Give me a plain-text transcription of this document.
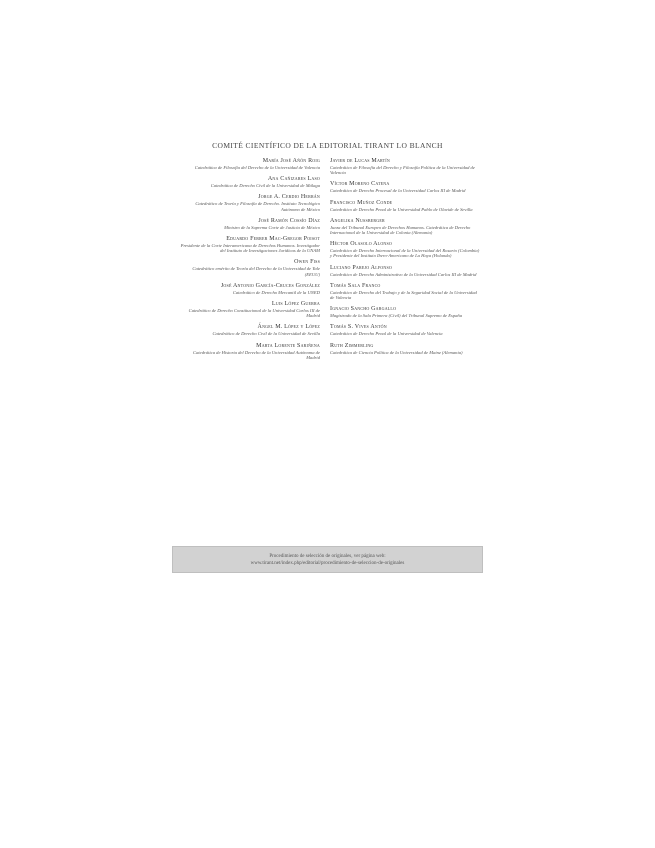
COMITÉ CIENTÍFICO DE LA EDITORIAL TIRANT LO BLANCH
María José Añón Roig
Catedrática de Filosofía del Derecho de la Universidad de Valencia
Ana Cañizares Laso
Catedrática de Derecho Civil de la Universidad de Málaga
Jorge A. Cerdio Herrán
Catedrático de Teoría y Filosofía de Derecho. Instituto Tecnológico Autónomo de México
José Ramón Cossío Díaz
Ministro de la Suprema Corte de Justicia de México
Eduardo Ferrer Mac-Gregor Poisot
Presidente de la Corte Interamericana de Derechos Humanos. Investigador del Instituto de Investigaciones Jurídicas de la UNAM
Owen Fiss
Catedrático emérito de Teoría del Derecho de la Universidad de Yale (EEUU)
José Antonio García-Cruces González
Catedrático de Derecho Mercantil de la UNED
Luis López Guerra
Catedrático de Derecho Constitucional de la Universidad Carlos III de Madrid
Ángel M. López y López
Catedrático de Derecho Civil de la Universidad de Sevilla
Marta Lorente Sariñena
Catedrática de Historia del Derecho de la Universidad Autónoma de Madrid
Javier de Lucas Martín
Catedrático de Filosofía del Derecho y Filosofía Política de la Universidad de Valencia
Víctor Moreno Catena
Catedrático de Derecho Procesal de la Universidad Carlos III de Madrid
Francisco Muñoz Conde
Catedrático de Derecho Penal de la Universidad Pablo de Olavide de Sevilla
Angelika Nussberger
Jueza del Tribunal Europeo de Derechos Humanos. Catedrática de Derecho Internacional de la Universidad de Colonia (Alemania)
Héctor Olasolo Alonso
Catedrático de Derecho Internacional de la Universidad del Rosario (Colombia) y Presidente del Instituto Ibero-Americano de La Haya (Holanda)
Luciano Parejo Alfonso
Catedrático de Derecho Administrativo de la Universidad Carlos III de Madrid
Tomás Sala Franco
Catedrático de Derecho del Trabajo y de la Seguridad Social de la Universidad de Valencia
Ignacio Sancho Gargallo
Magistrado de la Sala Primera (Civil) del Tribunal Supremo de España
Tomás S. Vives Antón
Catedrático de Derecho Penal de la Universidad de Valencia
Ruth Zimmerling
Catedrática de Ciencia Política de la Universidad de Mainz (Alemania)
Procedimiento de selección de originales, ver página web:
www.tirant.net/index.php/editorial/procedimiento-de-seleccion-de-originales
